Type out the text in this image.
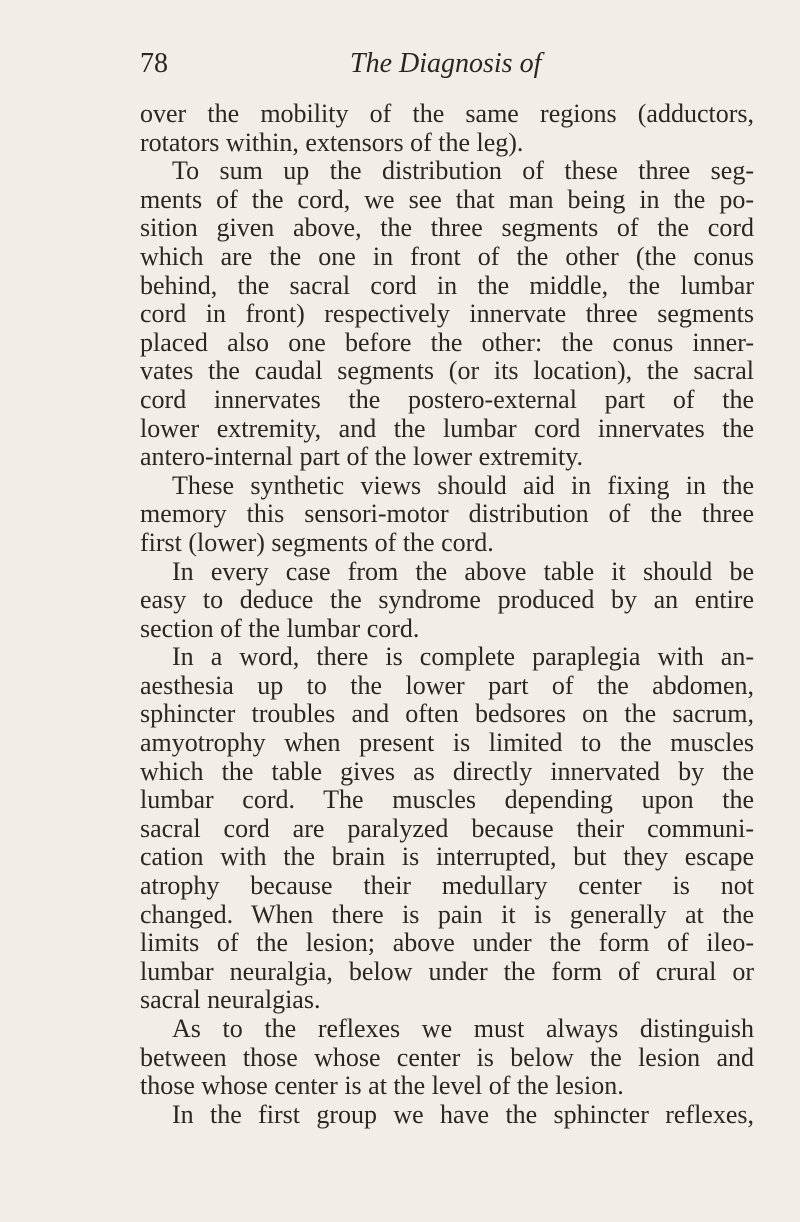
78	The Diagnosis of
over the mobility of the same regions (adductors,
rotators within, extensors of the leg).
To sum up the distribution of these three seg-
ments of the cord, we see that man being in the po-
sition given above, the three segments of the cord
which are the one in front of the other (the conus
behind, the sacral cord in the middle, the lumbar
cord in front) respectively innervate three segments
placed also one before the other: the conus inner-
vates the caudal segments (or its location), the sacral
cord innervates the postero-external part of the
lower extremity, and the lumbar cord innervates the
antero-internal part of the lower extremity.
These synthetic views should aid in fixing in the
memory this sensori-motor distribution of the three
first (lower) segments of the cord.
In every case from the above table it should be
easy to deduce the syndrome produced by an entire
section of the lumbar cord.
In a word, there is complete paraplegia with an-
aesthesia up to the lower part of the abdomen,
sphincter troubles and often bedsores on the sacrum,
amyotrophy when present is limited to the muscles
which the table gives as directly innervated by the
lumbar cord. The muscles depending upon the
sacral cord are paralyzed because their communi-
cation with the brain is interrupted, but they escape
atrophy because their medullary center is not
changed. When there is pain it is generally at the
limits of the lesion; above under the form of ileo-
lumbar neuralgia, below under the form of crural or
sacral neuralgias.
As to the reflexes we must always distinguish
between those whose center is below the lesion and
those whose center is at the level of the lesion.
In the first group we have the sphincter reflexes,
